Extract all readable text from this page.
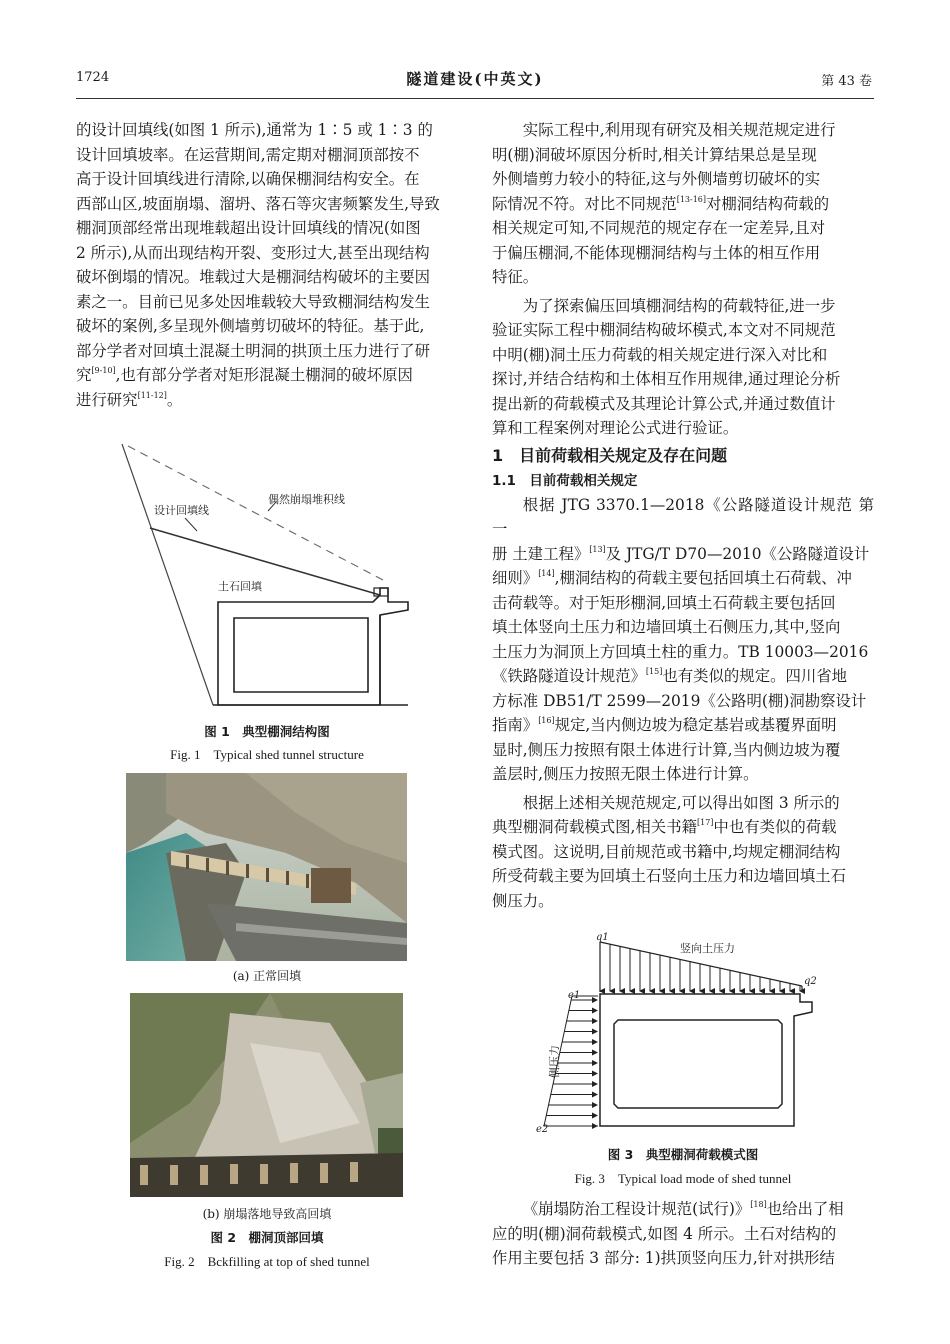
1724	隧道建设(中英文)	第 43 卷

的设计回填线(如图 1 所示),通常为 1∶5 或 1∶3 的

设计回填坡率。在运营期间,需定期对棚洞顶部按不

高于设计回填线进行清除,以确保棚洞结构安全。在

西部山区,坡面崩塌、溜坍、落石等灾害频繁发生,导致

棚洞顶部经常出现堆载超出设计回填线的情况(如图

2 所示),从而出现结构开裂、变形过大,甚至出现结构

破坏倒塌的情况。堆载过大是棚洞结构破坏的主要因

素之一。目前已见多处因堆载较大导致棚洞结构发生

破坏的案例,多呈现外侧墙剪切破坏的特征。基于此,

部分学者对回填土混凝土明洞的拱顶土压力进行了研

究[9-10],也有部分学者对矩形混凝土棚洞的破坏原因

进行研究[11-12]。

设计回填线
偶然崩塌堆积线
土石回填
图 1　典型棚洞结构图
Fig. 1　Typical shed tunnel structure
(a) 正常回填
(b) 崩塌落地导致高回填
图 2　棚洞顶部回填
Fig. 2　Bckfilling at top of shed tunnel

实际工程中,利用现有研究及相关规范规定进行

明(棚)洞破坏原因分析时,相关计算结果总是呈现

外侧墙剪力较小的特征,这与外侧墙剪切破坏的实

际情况不符。对比不同规范[13-16]对棚洞结构荷载的

相关规定可知,不同规范的规定存在一定差异,且对

于偏压棚洞,不能体现棚洞结构与土体的相互作用

特征。

为了探索偏压回填棚洞结构的荷载特征,进一步

验证实际工程中棚洞结构破坏模式,本文对不同规范

中明(棚)洞土压力荷载的相关规定进行深入对比和

探讨,并结合结构和土体相互作用规律,通过理论分析

提出新的荷载模式及其理论计算公式,并通过数值计

算和工程案例对理论公式进行验证。

1　目前荷载相关规定及存在问题

1.1　目前荷载相关规定

根据 JTG 3370.1—2018《公路隧道设计规范 第一

册 土建工程》[13]及 JTG/T D70—2010《公路隧道设计

细则》[14],棚洞结构的荷载主要包括回填土石荷载、冲

击荷载等。对于矩形棚洞,回填土石荷载主要包括回

填土体竖向土压力和边墙回填土石侧压力,其中,竖向

土压力为洞顶上方回填土柱的重力。TB 10003—2016

《铁路隧道设计规范》[15]也有类似的规定。四川省地

方标准 DB51/T 2599—2019《公路明(棚)洞勘察设计

指南》[16]规定,当内侧边坡为稳定基岩或基覆界面明

显时,侧压力按照有限土体进行计算,当内侧边坡为覆

盖层时,侧压力按照无限土体进行计算。

根据上述相关规范规定,可以得出如图 3 所示的

典型棚洞荷载模式图,相关书籍[17]中也有类似的荷载

模式图。这说明,目前规范或书籍中,均规定棚洞结构

所受荷载主要为回填土石竖向土压力和边墙回填土石

侧压力。

q1
q2
e1
e2
竖向土压力
侧压力
图 3　典型棚洞荷载模式图
Fig. 3　Typical load mode of shed tunnel

《崩塌防治工程设计规范(试行)》[18]也给出了相

应的明(棚)洞荷载模式,如图 4 所示。土石对结构的

作用主要包括 3 部分: 1)拱顶竖向压力,针对拱形结
